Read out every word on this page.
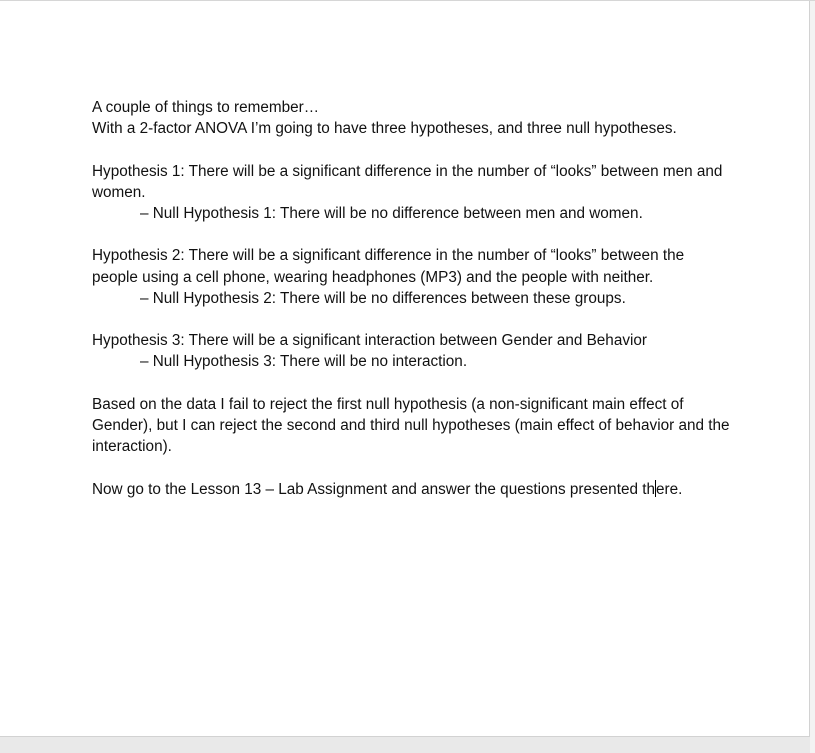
A couple of things to remember…

With a 2-factor ANOVA I’m going to have three hypotheses, and three null hypotheses.

Hypothesis 1: There will be a significant difference in the number of “looks” between men and women.

– Null Hypothesis 1: There will be no difference between men and women.

Hypothesis 2: There will be a significant difference in the number of “looks” between the people using a cell phone, wearing headphones (MP3) and the people with neither.

– Null Hypothesis 2: There will be no differences between these groups.

Hypothesis 3: There will be a significant interaction between Gender and Behavior

– Null Hypothesis 3: There will be no interaction.

Based on the data I fail to reject the first null hypothesis (a non-significant main effect of Gender), but I can reject the second and third null hypotheses (main effect of behavior and the interaction).

Now go to the Lesson 13 – Lab Assignment and answer the questions presented there.
